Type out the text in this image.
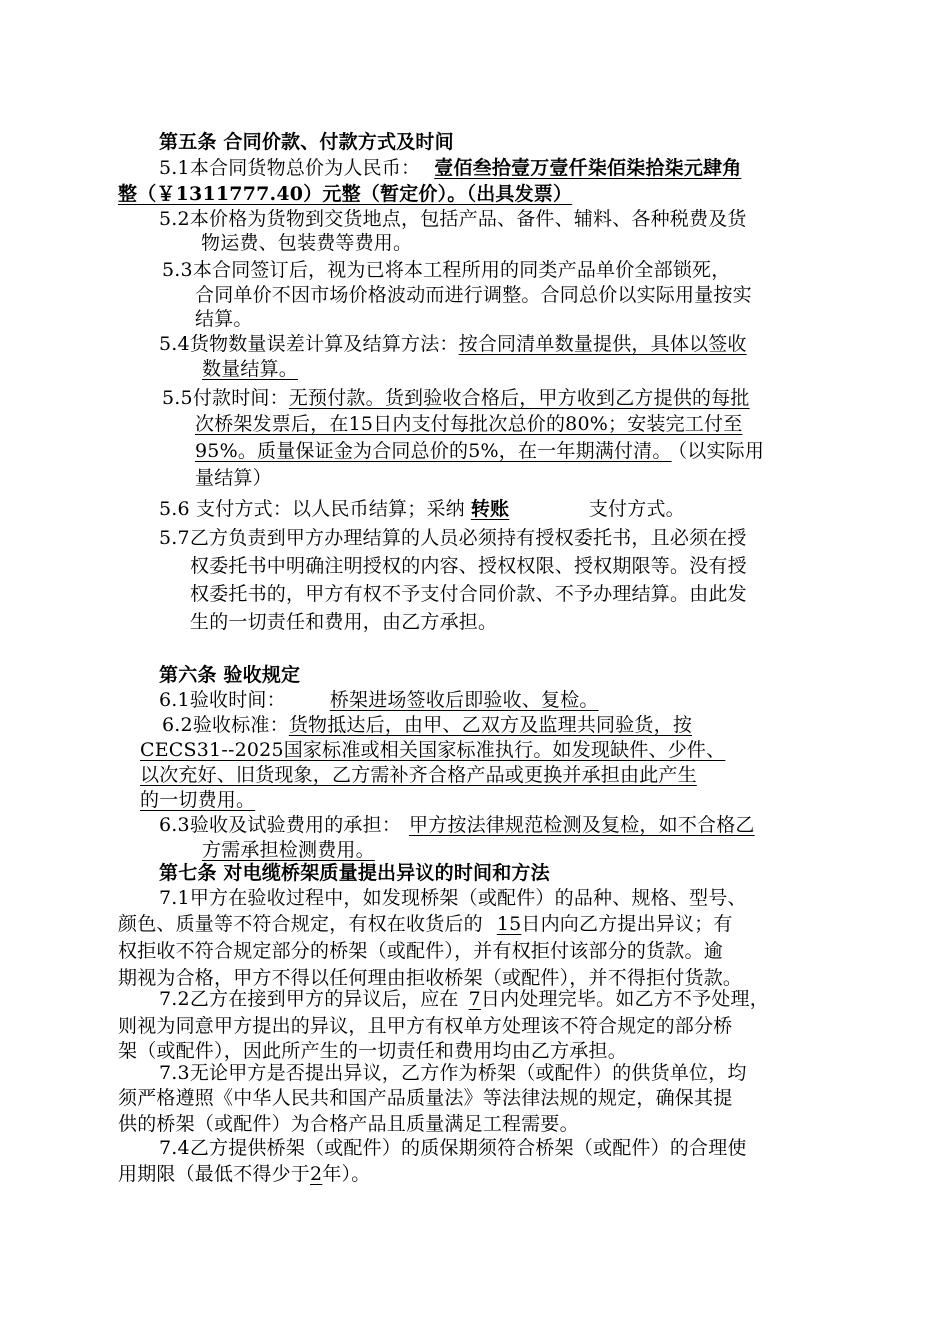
第五条 合同价款、付款方式及时间
5.1本合同货物总价为人民币： 壹佰叁拾壹万壹仟柒佰柒拾柒元肆角
整（￥1311777.40）元整（暂定价）。（出具发票）
5.2本价格为货物到交货地点，包括产品、备件、辅料、各种税费及货
物运费、包装费等费用。
5.3本合同签订后，视为已将本工程所用的同类产品单价全部锁死，
合同单价不因市场价格波动而进行调整。合同总价以实际用量按实
结算。
5.4货物数量误差计算及结算方法：按合同清单数量提供，具体以签收
数量结算。
5.5付款时间：无预付款。货到验收合格后，甲方收到乙方提供的每批
次桥架发票后，在15日内支付每批次总价的80%；安装完工付至
95%。质量保证金为合同总价的5%，在一年期满付清。 （以实际用
量结算）
5.6 支付方式：以人民币结算；采纳 转账	支付方式。
5.7乙方负责到甲方办理结算的人员必须持有授权委托书，且必须在授
权委托书中明确注明授权的内容、授权权限、授权期限等。没有授
权委托书的，甲方有权不予支付合同价款、不予办理结算。由此发
生的一切责任和费用，由乙方承担。
第六条 验收规定
6.1验收时间： 桥架进场签收后即验收、复检。
6.2验收标准：货物抵达后，由甲、乙双方及监理共同验货，按
CECS31--2025国家标准或相关国家标准执行。如发现缺件、少件、
以次充好、旧货现象，乙方需补齐合格产品或更换并承担由此产生
的一切费用。
6.3验收及试验费用的承担： 甲方按法律规范检测及复检，如不合格乙
方需承担检测费用。
第七条 对电缆桥架质量提出异议的时间和方法
7.1甲方在验收过程中，如发现桥架（或配件）的品种、规格、型号、
颜色、质量等不符合规定，有权在收货后的 15日内向乙方提出异议；有
权拒收不符合规定部分的桥架（或配件），并有权拒付该部分的货款。逾
期视为合格，甲方不得以任何理由拒收桥架（或配件），并不得拒付货款。
7.2乙方在接到甲方的异议后，应在 7日内处理完毕。如乙方不予处理，
则视为同意甲方提出的异议，且甲方有权单方处理该不符合规定的部分桥
架（或配件），因此所产生的一切责任和费用均由乙方承担。
7.3无论甲方是否提出异议，乙方作为桥架（或配件）的供货单位，均
须严格遵照《中华人民共和国产品质量法》等法律法规的规定，确保其提
供的桥架（或配件）为合格产品且质量满足工程需要。
7.4乙方提供桥架（或配件）的质保期须符合桥架（或配件）的合理使
用期限（最低不得少于2年）。
